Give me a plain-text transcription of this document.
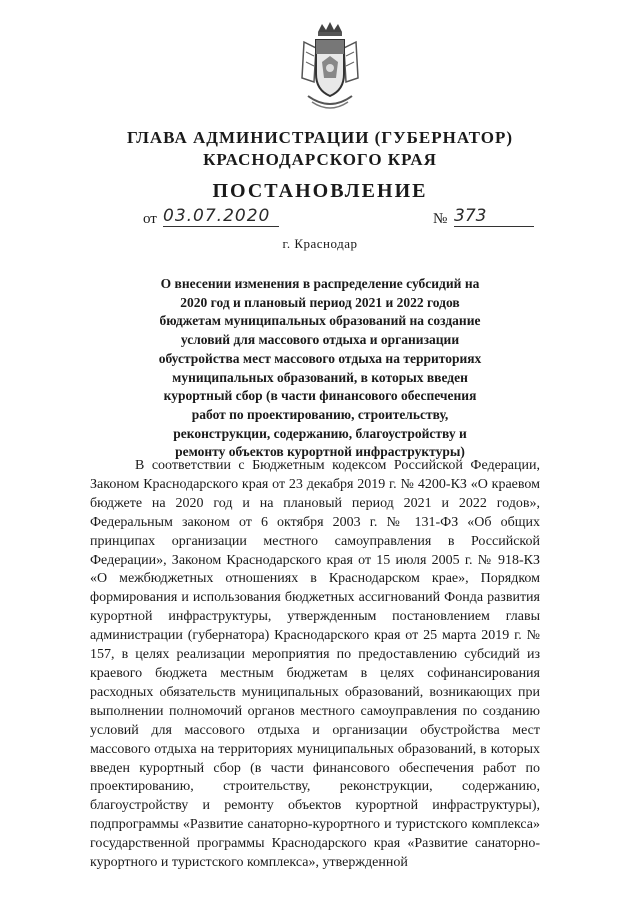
ГЛАВА АДМИНИСТРАЦИИ (ГУБЕРНАТОР)
КРАСНОДАРСКОГО КРАЯ
ПОСТАНОВЛЕНИЕ
от 03.07.2020	№ 373
г. Краснодар
О внесении изменения в распределение субсидий на 2020 год и плановый период 2021 и 2022 годов бюджетам муниципальных образований на создание условий для массового отдыха и организации обустройства мест массового отдыха на территориях муниципальных образований, в которых введен курортный сбор (в части финансового обеспечения работ по проектированию, строительству, реконструкции, содержанию, благоустройству и ремонту объектов курортной инфраструктуры)
В соответствии с Бюджетным кодексом Российской Федерации, Законом Краснодарского края от 23 декабря 2019 г. № 4200-КЗ «О краевом бюджете на 2020 год и на плановый период 2021 и 2022 годов», Федеральным законом от 6 октября 2003 г. № 131-ФЗ «Об общих принципах организации местного самоуправления в Российской Федерации», Законом Краснодарского края от 15 июля 2005 г. № 918-КЗ «О межбюджетных отношениях в Краснодарском крае», Порядком формирования и использования бюджетных ассигнований Фонда развития курортной инфраструктуры, утвержденным постановлением главы администрации (губернатора) Краснодарского края от 25 марта 2019 г. № 157, в целях реализации мероприятия по предоставлению субсидий из краевого бюджета местным бюджетам в целях софинансирования расходных обязательств муниципальных образований, возникающих при выполнении полномочий органов местного самоуправления по созданию условий для массового отдыха и организации обустройства мест массового отдыха на территориях муниципальных образований, в которых введен курортный сбор (в части финансового обеспечения работ по проектированию, строительству, реконструкции, содержанию, благоустройству и ремонту объектов курортной инфраструктуры), подпрограммы «Развитие санаторно-курортного и туристского комплекса» государственной программы Краснодарского края «Развитие санаторно-курортного и туристского комплекса», утвержденной
